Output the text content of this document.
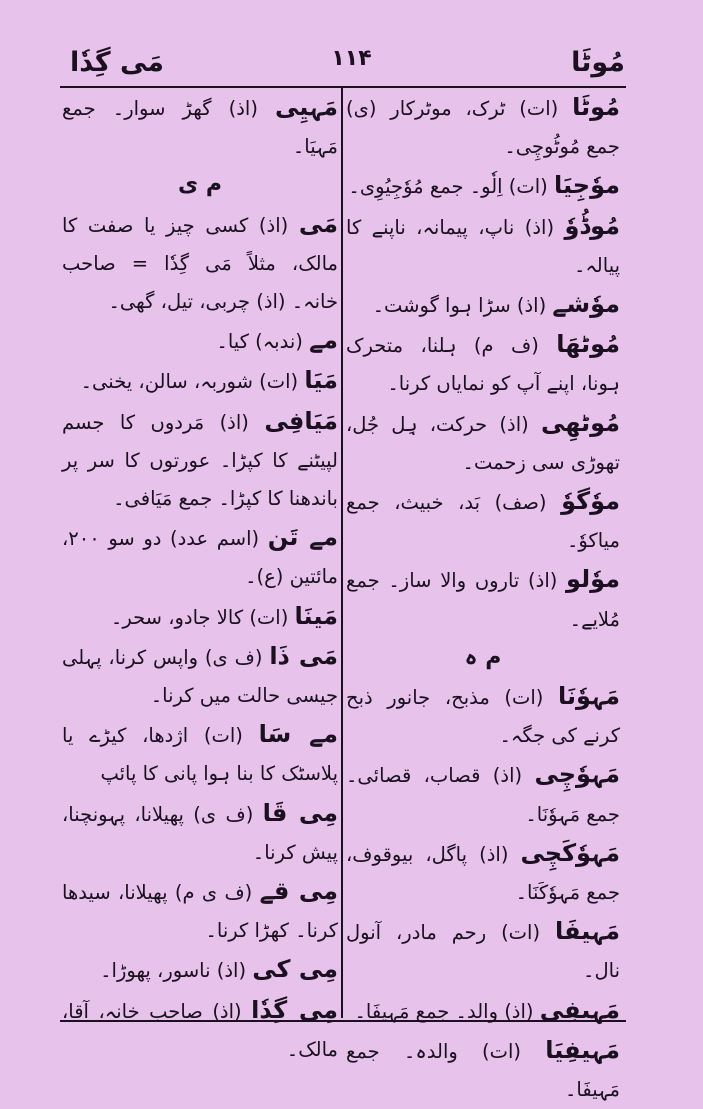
مُوٹَا
۱۱۴
مَی گِدٗا

مُوٹَا (ات) ٹرک، موٹرکار (ی) جمع مُوٹُوچِی۔

موٗجِیَا (ات) اِلٗو۔ جمع مُوٗجِیُوِی۔

مُوڈُوٗ (اذ) ناپ، پیمانہ، ناپنے کا پیالہ۔

موٗشے (اذ) سڑا ہوا گوشت۔

مُوٹھَا (ف م) ہلنا، متحرک ہونا، اپنے آپ کو نمایاں کرنا۔

مُوٹھِی (اذ) حرکت، ہِل جُل، تھوڑی سی زحمت۔

موٗگوٗ (صف) بَد، خبیث، جمع میاکوٗ۔

موٗلو (اذ) تاروں والا ساز۔ جمع مُلایے۔

م ہ

مَہوٗنَا (ات) مذبح، جانور ذبح کرنے کی جگہ۔

مَہوٗچِی (اذ) قصاب، قصائی۔جمع مَہوٗنَا۔

مَہوٗکَچِی (اذ) پاگل، بیوقوف، جمع مَہوٗکَنَا۔

مَہیفَا (ات) رحم مادر، آنول نال۔

مَہیفِی (اذ) والد۔ جمع مَہیفَا۔

مَہیفِیَا (ات) والدہ۔ جمع مَہیفَا۔

مَہیِی (اذ) گھڑ سوار۔ جمع مَہیَا۔

م ی

مَی (اذ) کسی چیز یا صفت کا مالک، مثلاً مَی گِدٗا = صاحب خانہ۔ (اذ) چربی، تیل، گھی۔

مے (ندبہ) کیا۔

مَیَا (ات) شوربہ، سالن، یخنی۔

مَیَافِی (اذ) مَردوں کا جسم لپیٹنے کا کپڑا۔ عورتوں کا سر پر باندھنا کا کپڑا۔ جمع مَیَافی۔

مے تَن (اسم عدد) دو سو ۲۰۰، مائتین (ع)۔

مَینَا (ات) کالا جادو، سحر۔

مَی ذَا (ف ی) واپس کرنا، پہلی جیسی حالت میں کرنا۔

مے سَا (ات) اژدھا، کیڑے یا پلاسٹک کا بنا ہوا پانی کا پائپ

مِی قَا (ف ی) پھیلانا، پہونچنا، پیش کرنا۔

مِی قے (ف ی م) پھیلانا، سیدھا کرنا۔ کھڑا کرنا۔

مِی کی (اذ) ناسور، پھوڑا۔

مِی گِدٗا (اذ) صاحب خانہ، آقا، مالک۔
